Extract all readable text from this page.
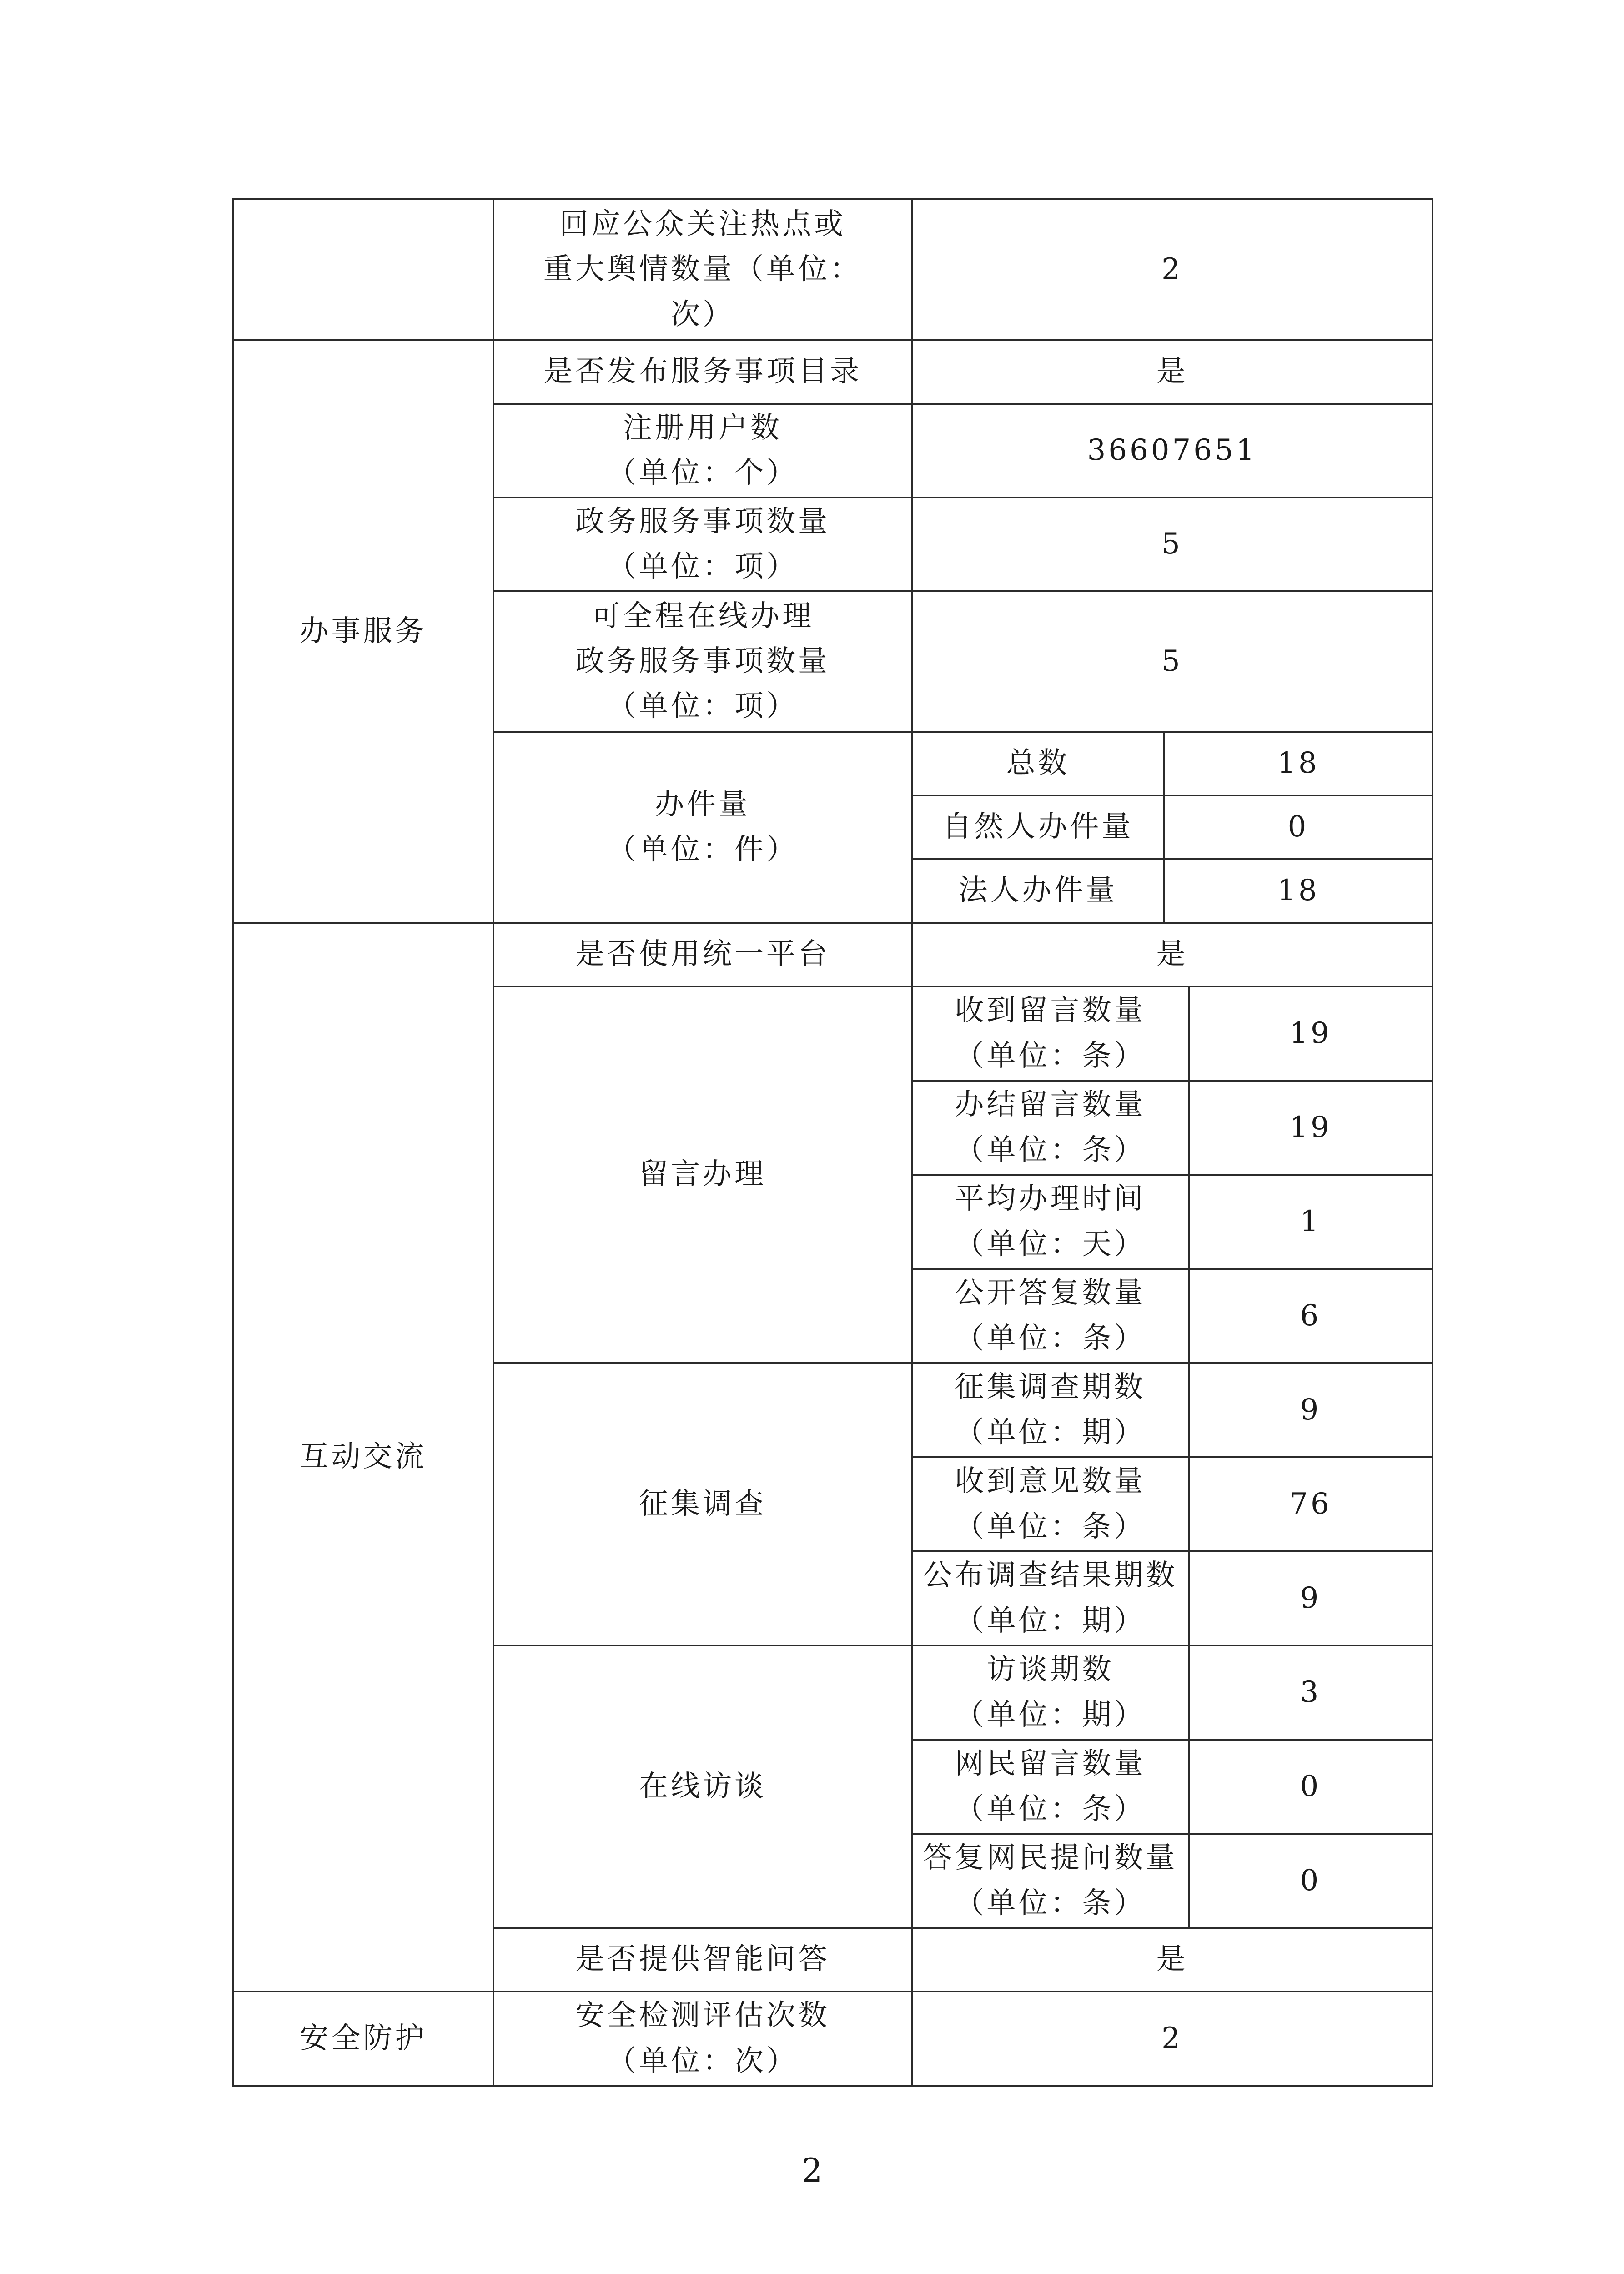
	回应公众关注热点或
重大舆情数量（单位：
次）	2		
办事服务	是否发布服务事项目录	是		

	注册用户数
（单位：个）	36607651		

	政务服务事项数量
（单位：项）	5		

	可全程在线办理
政务服务事项数量
（单位：项）	5		

	办件量
（单位：件）	总数	18	
		自然人办件量	0	
		法人办件量	18	
互动交流	是否使用统一平台	是		
	留言办理	收到留言数量
（单位：条）		19

		办结留言数量
（单位：条）		19

		平均办理时间
（单位：天）		1

		公开答复数量
（单位：条）		6
	征集调查	征集调查期数
（单位：期）		9

		收到意见数量
（单位：条）		76

		公布调查结果期数
（单位：期）		9
	在线访谈	访谈期数
（单位：期）		3

		网民留言数量
（单位：条）		0

		答复网民提问数量
（单位：条）		0
	是否提供智能问答	是		
安全防护	安全检测评估次数
（单位：次）	2		
2
